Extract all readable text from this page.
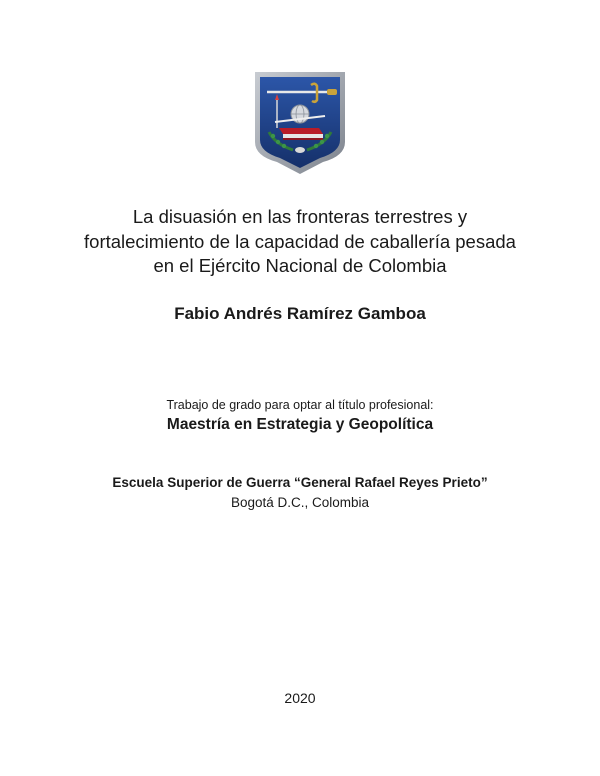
La disuasión en las fronteras terrestres y
fortalecimiento de la capacidad de caballería pesada
en el Ejército Nacional de Colombia
Fabio Andrés Ramírez Gamboa
Trabajo de grado para optar al título profesional:
Maestría en Estrategia y Geopolítica
Escuela Superior de Guerra “General Rafael Reyes Prieto”
Bogotá D.C., Colombia
2020
